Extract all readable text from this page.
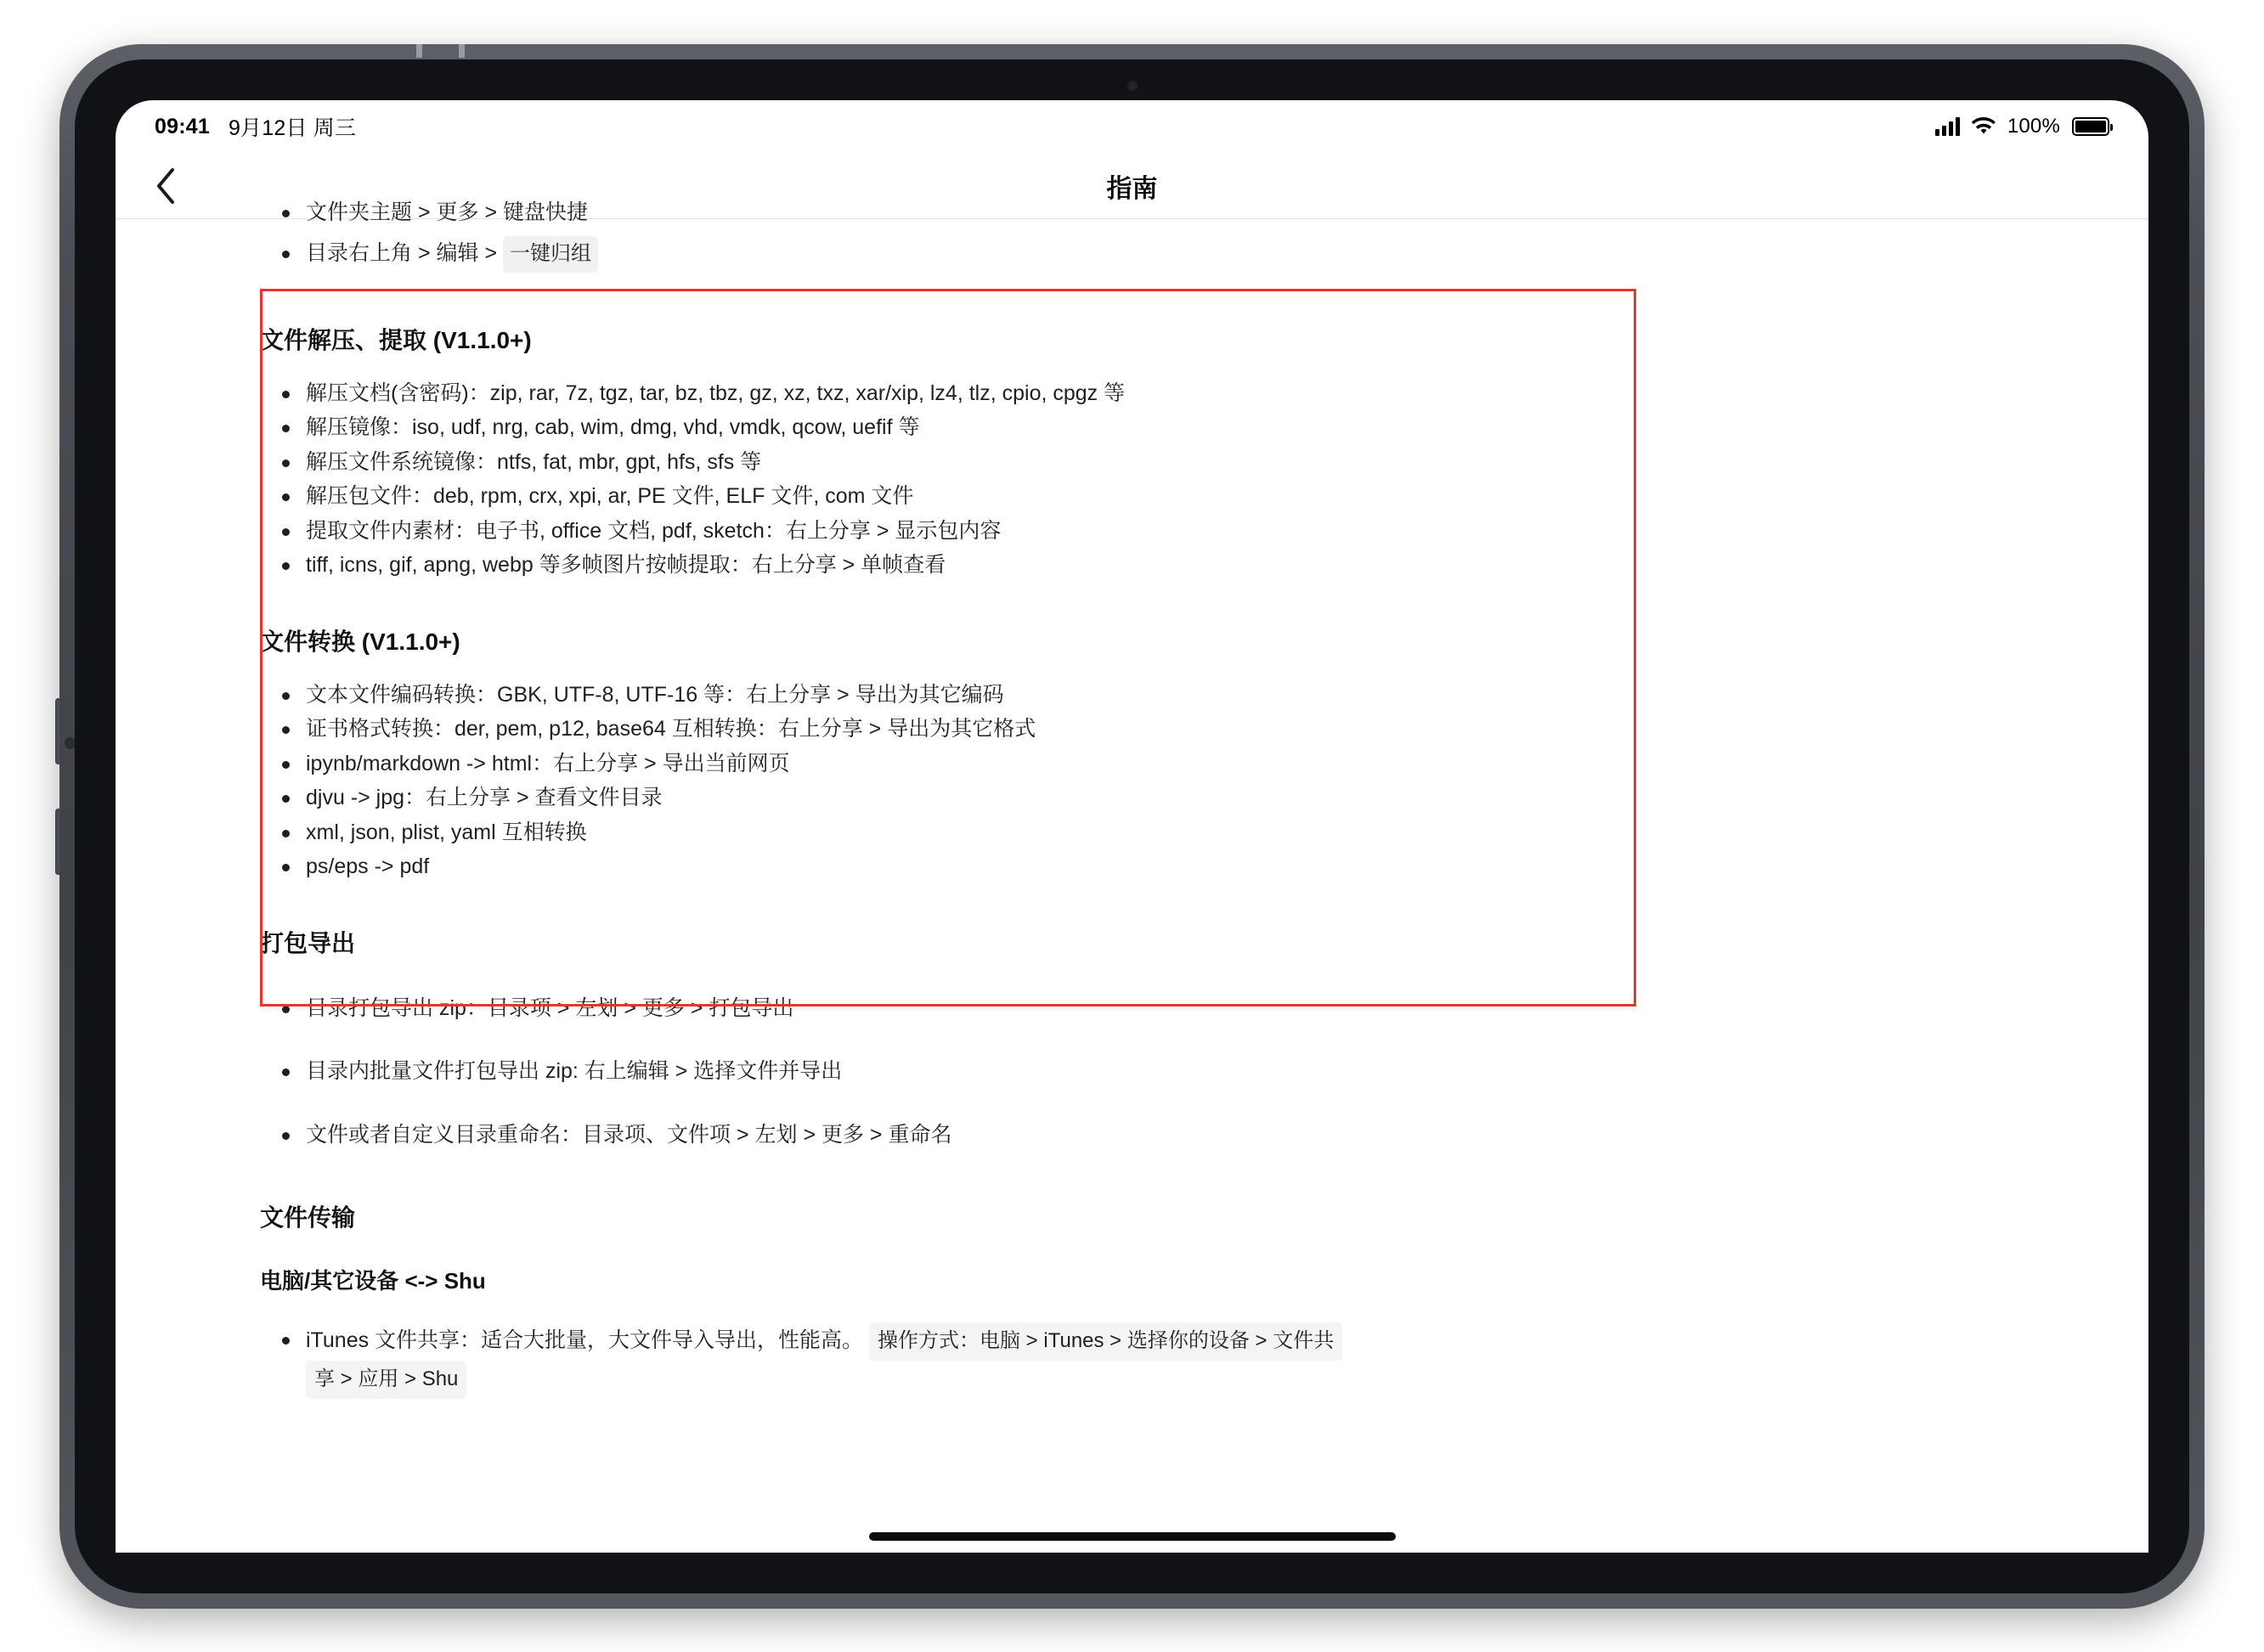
09:41 9月12日 周三	100%
指南
文件夹主题 > 更多 > 键盘快捷
目录右上角 > 编辑 > 一键归组
文件解压、提取 (V1.1.0+)
解压文档(含密码)：zip, rar, 7z, tgz, tar, bz, tbz, gz, xz, txz, xar/xip, lz4, tlz, cpio, cpgz 等
解压镜像：iso, udf, nrg, cab, wim, dmg, vhd, vmdk, qcow, uefif 等
解压文件系统镜像：ntfs, fat, mbr, gpt, hfs, sfs 等
解压包文件：deb, rpm, crx, xpi, ar, PE 文件, ELF 文件, com 文件
提取文件内素材：电子书, office 文档, pdf, sketch：右上分享 > 显示包内容
tiff, icns, gif, apng, webp 等多帧图片按帧提取：右上分享 > 单帧查看
文件转换 (V1.1.0+)
文本文件编码转换：GBK, UTF-8, UTF-16 等：右上分享 > 导出为其它编码
证书格式转换：der, pem, p12, base64 互相转换：右上分享 > 导出为其它格式
ipynb/markdown -> html：右上分享 > 导出当前网页
djvu -> jpg：右上分享 > 查看文件目录
xml, json, plist, yaml 互相转换
ps/eps -> pdf
打包导出
目录打包导出 zip：目录项 > 左划 > 更多 > 打包导出
目录内批量文件打包导出 zip: 右上编辑 > 选择文件并导出
文件或者自定义目录重命名：目录项、文件项 > 左划 > 更多 > 重命名
文件传输
电脑/其它设备 <-> Shu
iTunes 文件共享：适合大批量，大文件导入导出，性能高。 操作方式：电脑 > iTunes > 选择你的设备 > 文件共
享 > 应用 > Shu
